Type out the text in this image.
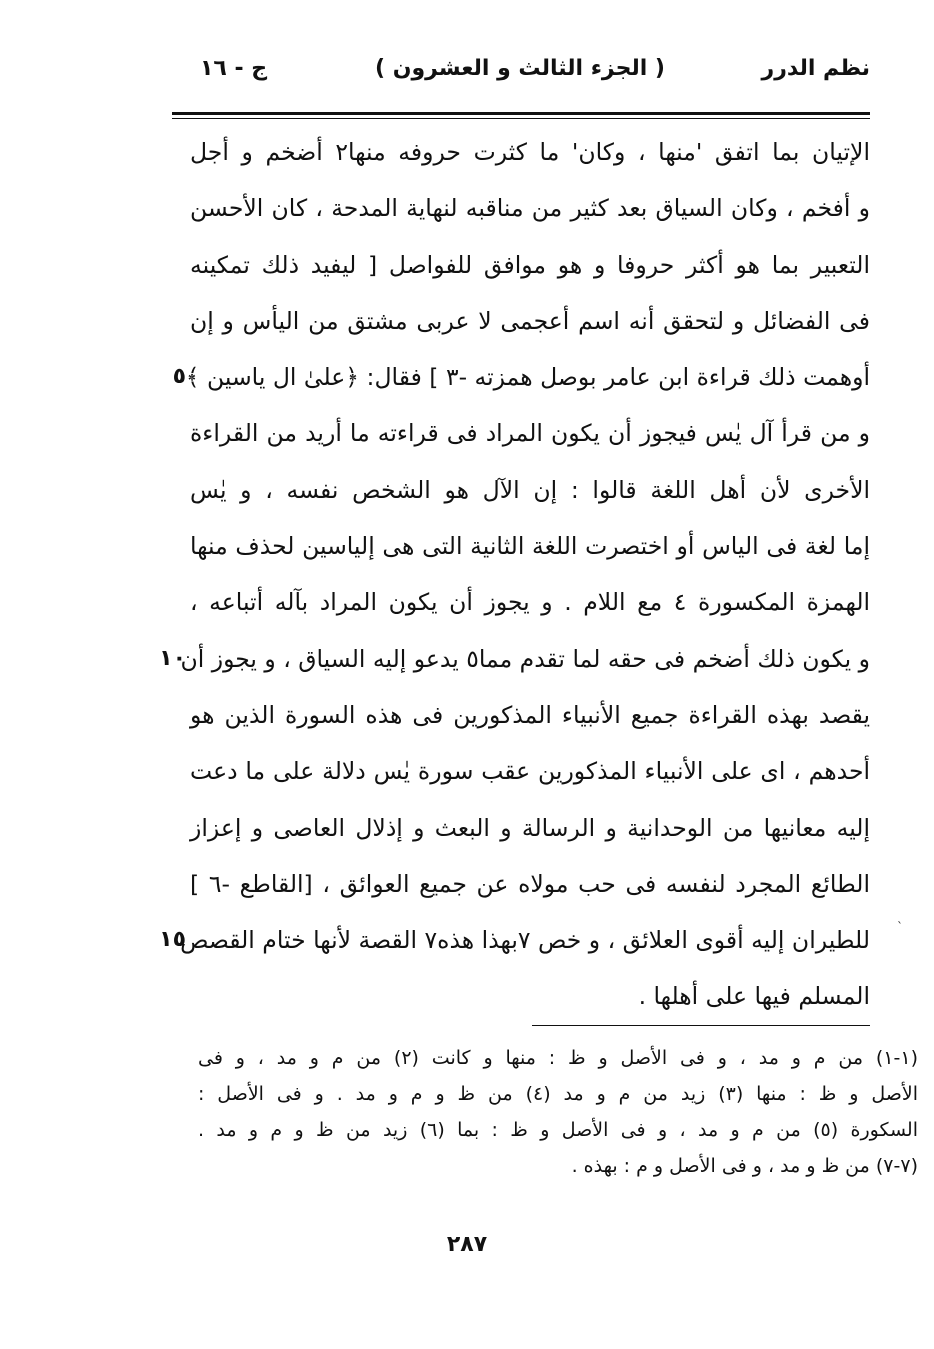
نظم الدرر
( الجزء الثالث و العشرون )
ج - ١٦
الإتيان بما اتفق 'منها ، وكان' ما كثرت حروفه منها٢ أضخم و أجل
و أفخم ، وكان السياق بعد كثير من مناقبه لنهاية المدحة ، كان الأحسن
التعبير بما هو أكثر حروفا و هو موافق للفواصل [ ليفيد ذلك تمكينه
فى الفضائل و لتحقق أنه اسم أعجمى لا عربى مشتق من اليأس و إن
أوهمت ذلك قراءة ابن عامر بوصل همزته -٣ ] فقال: ﴿علىٰ ال ياسين ﴾
٥
و من قرأ آل يٰس فيجوز أن يكون المراد فى قراءته ما أريد من القراءة
الأخرى لأن أهل اللغة قالوا : إن الآل هو الشخص نفسه ، و يٰس
إما لغة فى الياس أو اختصرت اللغة الثانية التى هى إلياسين لحذف منها
الهمزة المكسورة ٤ مع اللام . و يجوز أن يكون المراد بآله أتباعه ،
و يكون ذلك أضخم فى حقه لما تقدم مما٥ يدعو إليه السياق ، و يجوز أن
١٠
يقصد بهذه القراءة جميع الأنبياء المذكورين فى هذه السورة الذين هو
أحدهم ، اى على الأنبياء المذكورين عقب سورة يٰس دلالة على ما دعت
إليه معانيها من الوحدانية و الرسالة و البعث و إذلال العاصى و إعزاز
الطائع المجرد لنفسه فى حب مولاه عن جميع العوائق ، [القاطع -٦ ]
للطيران إليه أقوى العلائق ، و خص ٧بهذا هذه٧ القصة لأنها ختام القصص
١٥
المسلم فيها على أهلها .
ˋ
(١-١) من م و مد ، و فى الأصل و ظ : منها و كانت (٢) من م و مد ، و فى
الأصل و ظ : منها (٣) زيد من م و مد (٤) من ظ و م و مد . و فى الأصل :
السكورة (٥) من م و مد ، و فى الأصل و ظ : بما (٦) زيد من ظ و م و مد .
(٧-٧) من ظ و مد ، و فى الأصل و م : بهذه .
٢٨٧
